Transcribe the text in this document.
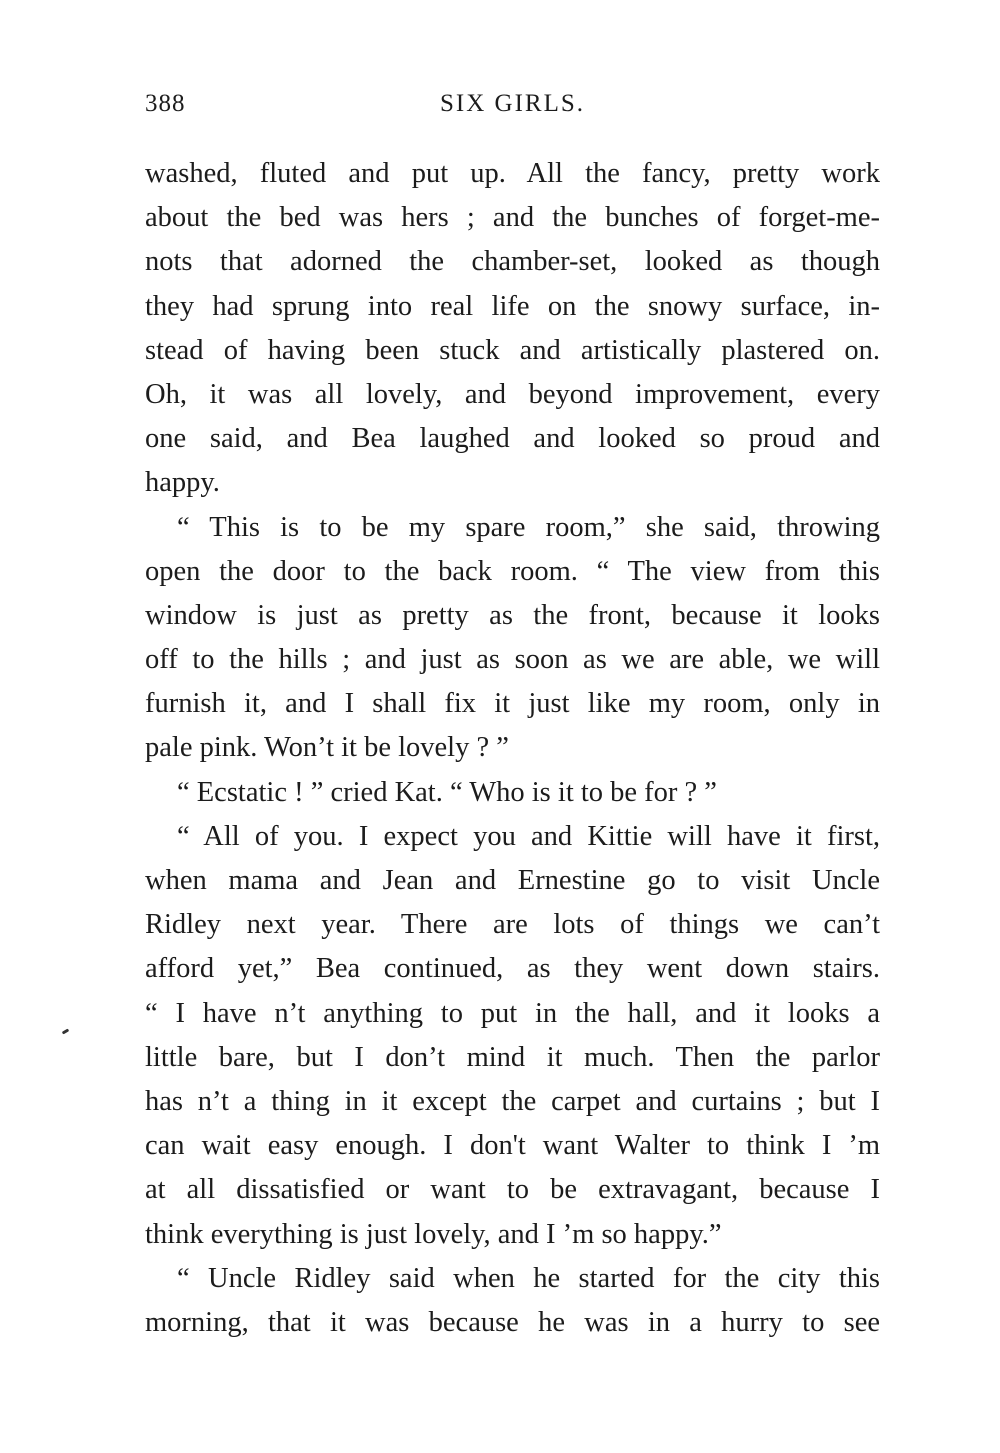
388	SIX GIRLS.
washed, fluted and put up. All the fancy, pretty work
about the bed was hers ; and the bunches of forget-me-
nots that adorned the chamber-set, looked as though
they had sprung into real life on the snowy surface, in-
stead of having been stuck and artistically plastered on.
Oh, it was all lovely, and beyond improvement, every
one said, and Bea laughed and looked so proud and
happy.
“ This is to be my spare room,” she said, throwing
open the door to the back room. “ The view from this
window is just as pretty as the front, because it looks
off to the hills ; and just as soon as we are able, we will
furnish it, and I shall fix it just like my room, only in
pale pink. Won’t it be lovely ? ”
“ Ecstatic ! ” cried Kat. “ Who is it to be for ? ”
“ All of you. I expect you and Kittie will have it first,
when mama and Jean and Ernestine go to visit Uncle
Ridley next year. There are lots of things we can’t
afford yet,” Bea continued, as they went down stairs.
“ I have n’t anything to put in the hall, and it looks a
little bare, but I don’t mind it much. Then the parlor
has n’t a thing in it except the carpet and curtains ; but I
can wait easy enough. I don't want Walter to think I ’m
at all dissatisfied or want to be extravagant, because I
think everything is just lovely, and I ’m so happy.”
“ Uncle Ridley said when he started for the city this
morning, that it was because he was in a hurry to see
